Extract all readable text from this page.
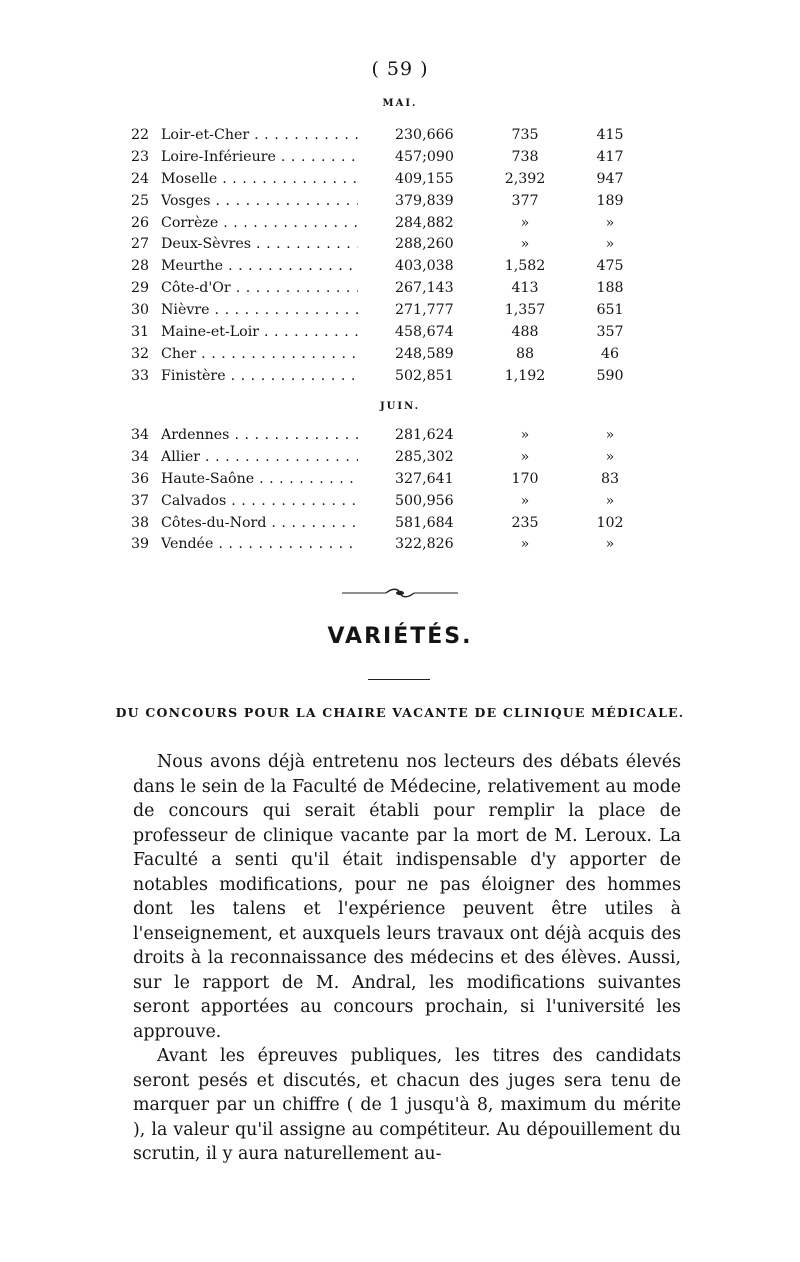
( 59 )
MAI.
22 Loir-et-Cher . . .	230,666	735	415
23 Loire-Inférieure . . .	457;090	738	417
24 Moselle . . .	409,155	2,392	947
25 Vosges . . .	379,839	377	189
26 Corrèze . . .	284,882	»	»
27 Deux-Sèvres . . .	288,260	»	»
28 Meurthe . . .	403,038	1,582	475
29 Côte-d'Or . . .	267,143	413	188
30 Nièvre . . .	271,777	1,357	651
31 Maine-et-Loir . . .	458,674	488	357
32 Cher . . .	248,589	88	46
33 Finistère . . .	502,851	1,192	590
JUIN.
34 Ardennes . . .	281,624	»	»
34 Allier . . .	285,302	»	»
36 Haute-Saône . . .	327,641	170	83
37 Calvados . . .	500,956	»	»
38 Côtes-du-Nord . . .	581,684	235	102
39 Vendée . . .	322,826	»	»
VARIÉTÉS.
DU CONCOURS POUR LA CHAIRE VACANTE DE CLINIQUE MÉDICALE.

Nous avons déjà entretenu nos lecteurs des débats élevés dans le sein de la Faculté de Médecine, relativement au mode de concours qui serait établi pour remplir la place de professeur de clinique vacante par la mort de M. Leroux. La Faculté a senti qu'il était indispensable d'y apporter de notables modifications, pour ne pas éloigner des hommes dont les talens et l'expérience peuvent être utiles à l'enseignement, et auxquels leurs travaux ont déjà acquis des droits à la reconnaissance des médecins et des élèves. Aussi, sur le rapport de M. Andral, les modifications suivantes seront apportées au concours prochain, si l'université les approuve.

Avant les épreuves publiques, les titres des candidats seront pesés et discutés, et chacun des juges sera tenu de marquer par un chiffre ( de 1 jusqu'à 8, maximum du mérite ), la valeur qu'il assigne au compétiteur. Au dépouillement du scrutin, il y aura naturellement au-
